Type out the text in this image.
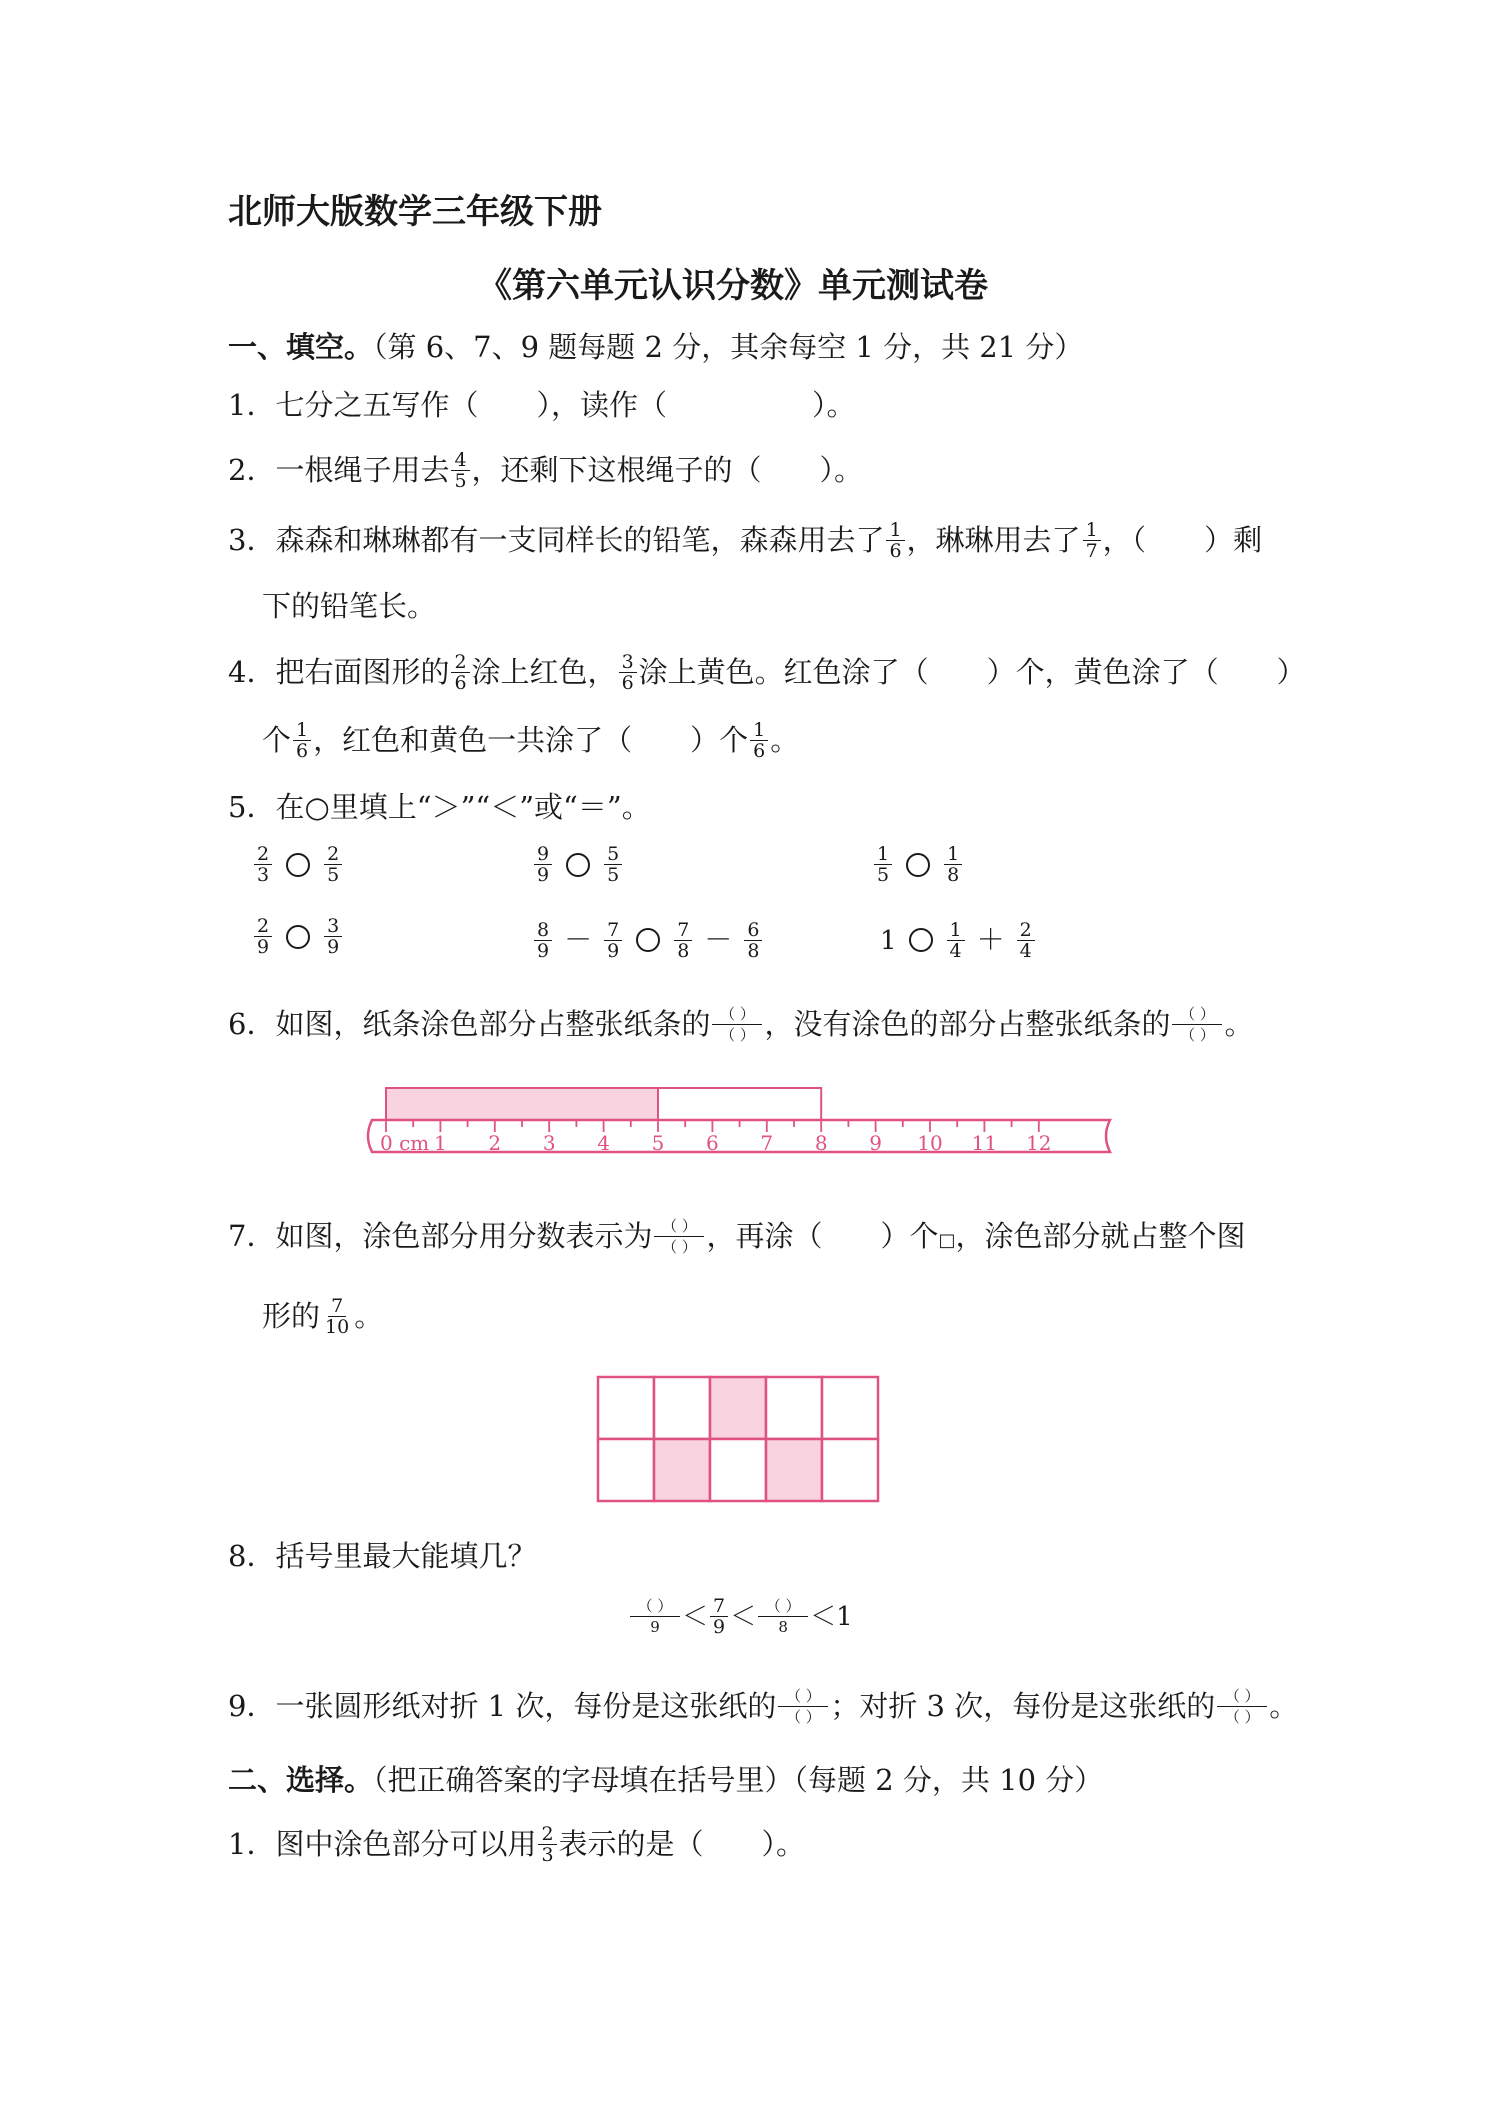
北师大版数学三年级下册
《第六单元认识分数》单元测试卷
一、填空。（第 6、7、9 题每题 2 分，其余每空 1 分，共 21 分）
1．七分之五写作（　　），读作（　　　　　）。
2．一根绳子用去 $\frac{4}{5}$ ，还剩下这根绳子的（　　）。
3．森森和琳琳都有一支同样长的铅笔，森森用去了 $\frac{1}{6}$ ，琳琳用去了 $\frac{1}{7}$ ，（　　）剩
下的铅笔长。
4．把右面图形的 $\frac{2}{6}$ 涂上红色， $\frac{3}{6}$ 涂上黄色。红色涂了（　　）个，黄色涂了（　　）
个 $\frac{1}{6}$ ，红色和黄色一共涂了（　　）个 $\frac{1}{6}$ 。
5．在○里填上“＞”“＜”或“＝”。
$\frac{2}{3}$	$\frac{2}{5}$	$\frac{9}{9}$	$\frac{5}{5}$	$\frac{1}{5}$	$\frac{1}{8}$
$\frac{2}{9}$	$\frac{3}{9}$	$\frac{8}{9} - \frac{7}{9}$	$\frac{7}{8} - \frac{6}{8}$	1	$\frac{1}{4} + \frac{2}{4}$
6．如图，纸条涂色部分占整张纸条的 $\frac{( )}{( )}$ ，没有涂色的部分占整张纸条的 $\frac{( )}{( )}$ 。
0 cm 1 2 3 4 5 6 7 8 9 10 11 12
7．如图，涂色部分用分数表示为 $\frac{( )}{( )}$ ，再涂（　　）个□，涂色部分就占整个图
形的 $\frac{7}{10}$ 。
8．括号里最大能填几？
$\frac{( )}{9} < \frac{7}{9} < \frac{( )}{8} <1$
9．一张圆形纸对折 1 次，每份是这张纸的 $\frac{( )}{( )}$ ；对折 3 次，每份是这张纸的 $\frac{( )}{( )}$ 。
二、选择。（把正确答案的字母填在括号里）（每题 2 分，共 10 分）
1．图中涂色部分可以用 $\frac{2}{3}$ 表示的是（　　）。
